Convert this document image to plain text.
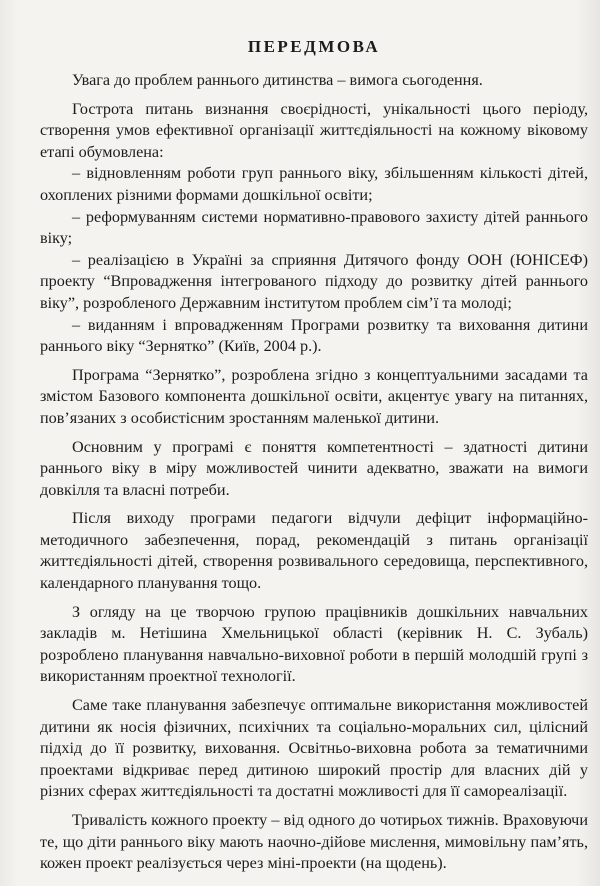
ПЕРЕДМОВА

Увага до проблем раннього дитинства – вимога сьогодення.

Гострота питань визнання своєрідності, унікальності цього періоду, створення умов ефективної організації життєдіяльності на кожному віковому етапі обумовлена:

– відновленням роботи груп раннього віку, збільшенням кількості дітей, охоплених різними формами дошкільної освіти;

– реформуванням системи нормативно-правового захисту дітей раннього віку;

– реалізацією в Україні за сприяння Дитячого фонду ООН (ЮНІСЕФ) проекту “Впровадження інтегрованого підходу до розвитку дітей раннього віку”, розробленого Державним інститутом проблем сім’ї та молоді;

– виданням і впровадженням Програми розвитку та виховання дитини раннього віку “Зернятко” (Київ, 2004 р.).

Програма “Зернятко”, розроблена згідно з концептуальними засадами та змістом Базового компонента дошкільної освіти, акцентує увагу на питаннях, пов’язаних з особистісним зростанням маленької дитини.

Основним у програмі є поняття компетентності – здатності дитини раннього віку в міру можливостей чинити адекватно, зважати на вимоги довкілля та власні потреби.

Після виходу програми педагоги відчули дефіцит інформаційно-методичного забезпечення, порад, рекомендацій з питань організації життєдіяльності дітей, створення розвивального середовища, перспективного, календарного планування тощо.

З огляду на це творчою групою працівників дошкільних навчальних закладів м. Нетішина Хмельницької області (керівник Н. С. Зубаль) розроблено планування навчально-виховної роботи в першій молодшій групі з використанням проектної технології.

Саме таке планування забезпечує оптимальне використання можливостей дитини як носія фізичних, психічних та соціально-моральних сил, цілісний підхід до її розвитку, виховання. Освітньо-виховна робота за тематичними проектами відкриває перед дитиною широкий простір для власних дій у різних сферах життєдіяльності та достатні можливості для її самореалізації.

Тривалість кожного проекту – від одного до чотирьох тижнів. Враховуючи те, що діти раннього віку мають наочно-дійове мислення, мимовільну пам’ять, кожен проект реалізується через міні-проекти (на щодень).
